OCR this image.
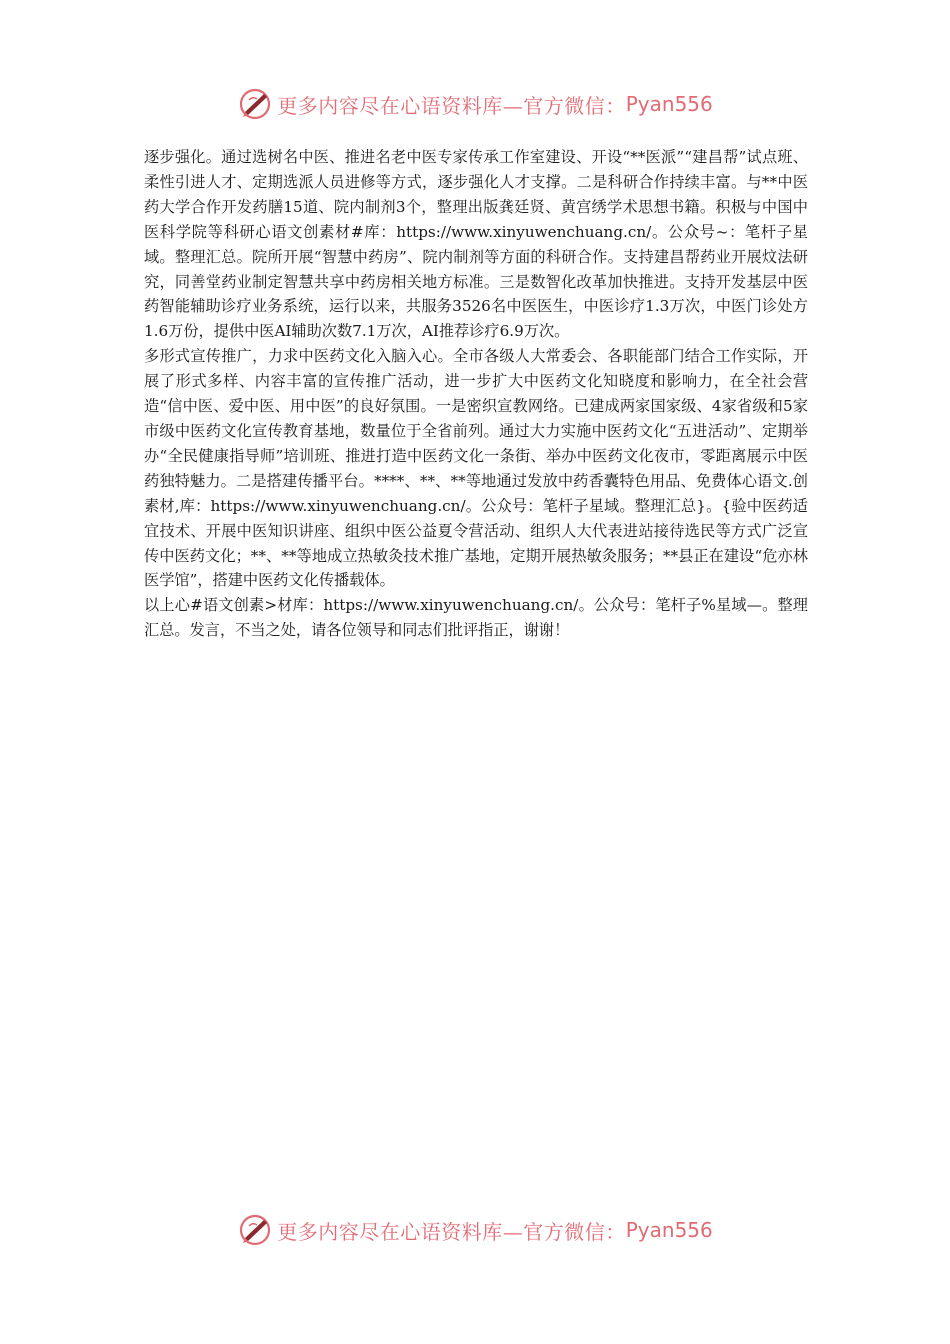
更多内容尽在心语资料库—官方微信： Pyan556

逐步强化。通过选树名中医、推进名老中医专家传承工作室建设、开设“**医派”“建昌帮”试点班、柔性引进人才、定期选派人员进修等方式，逐步强化人才支撑。二是科研合作持续丰富。与**中医药大学合作开发药膳15道、院内制剂3个，整理出版龚廷贤、黄宫绣学术思想书籍。积极与中国中医科学院等科研心语文创素材#库：https://www.xinyuwenchuang.cn/。公众号~：笔杆子星域。整理汇总。院所开展“智慧中药房”、院内制剂等方面的科研合作。支持建昌帮药业开展炆法研究，同善堂药业制定智慧共享中药房相关地方标准。三是数智化改革加快推进。支持开发基层中医药智能辅助诊疗业务系统，运行以来，共服务3526名中医医生，中医诊疗1.3万次，中医门诊处方1.6万份，提供中医AI辅助次数7.1万次，AI推荐诊疗6.9万次。

多形式宣传推广，力求中医药文化入脑入心。全市各级人大常委会、各职能部门结合工作实际，开展了形式多样、内容丰富的宣传推广活动，进一步扩大中医药文化知晓度和影响力，在全社会营造“信中医、爱中医、用中医”的良好氛围。一是密织宣教网络。已建成两家国家级、4家省级和5家市级中医药文化宣传教育基地，数量位于全省前列。通过大力实施中医药文化“五进活动”、定期举办“全民健康指导师”培训班、推进打造中医药文化一条街、举办中医药文化夜市，零距离展示中医药独特魅力。二是搭建传播平台。****、**、**等地通过发放中药香囊特色用品、免费体心语文.创素材,库：https://www.xinyuwenchuang.cn/。公众号：笔杆子星域。整理汇总}。{验中医药适宜技术、开展中医知识讲座、组织中医公益夏令营活动、组织人大代表进站接待选民等方式广泛宣传中医药文化；**、**等地成立热敏灸技术推广基地，定期开展热敏灸服务；**县正在建设“危亦林医学馆”，搭建中医药文化传播载体。

以上心#语文创素>材库：https://www.xinyuwenchuang.cn/。公众号：笔杆子%星域—。整理汇总。发言，不当之处，请各位领导和同志们批评指正，谢谢！

更多内容尽在心语资料库—官方微信： Pyan556
